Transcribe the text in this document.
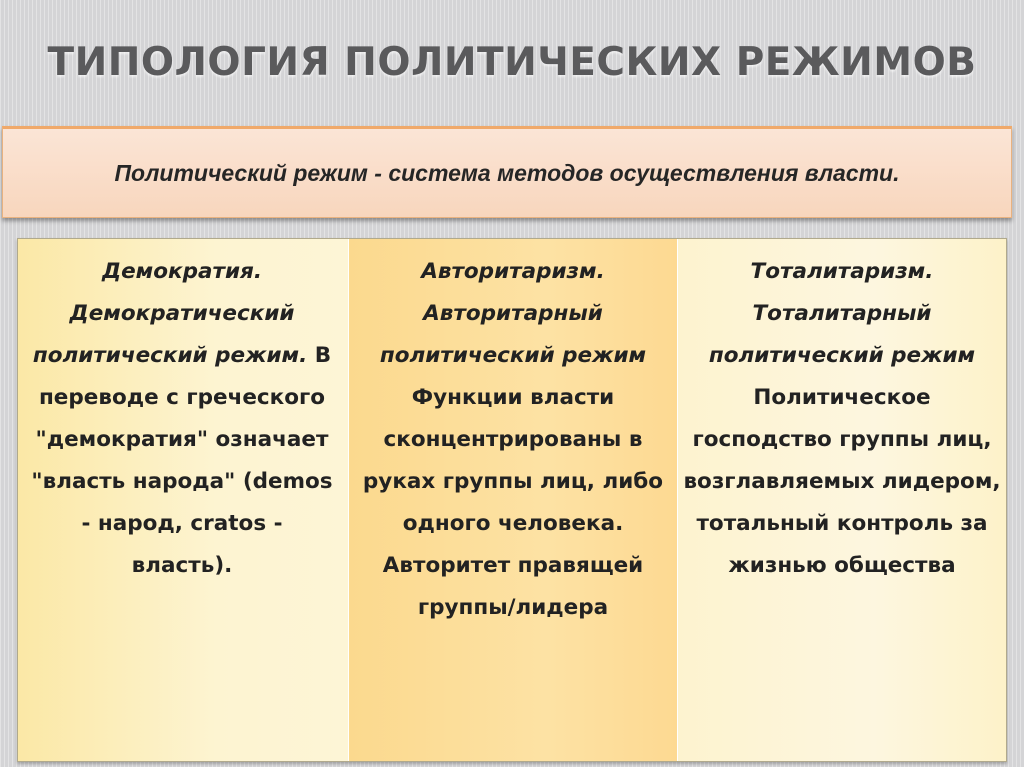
ТИПОЛОГИЯ ПОЛИТИЧЕСКИХ РЕЖИМОВ
Политический режим - система методов осуществления власти.
Демократия. Демократический политический режим. В переводе с греческого "демократия" означает "власть народа" (demos - народ, cratos - власть).
Авторитаризм. Авторитарный политический режим
Функции власти сконцентрированы в руках группы лиц, либо одного человека. Авторитет правящей группы/лидера
Тоталитаризм. Тоталитарный политический режим
Политическое господство группы лиц, возглавляемых лидером, тотальный контроль за жизнью общества
